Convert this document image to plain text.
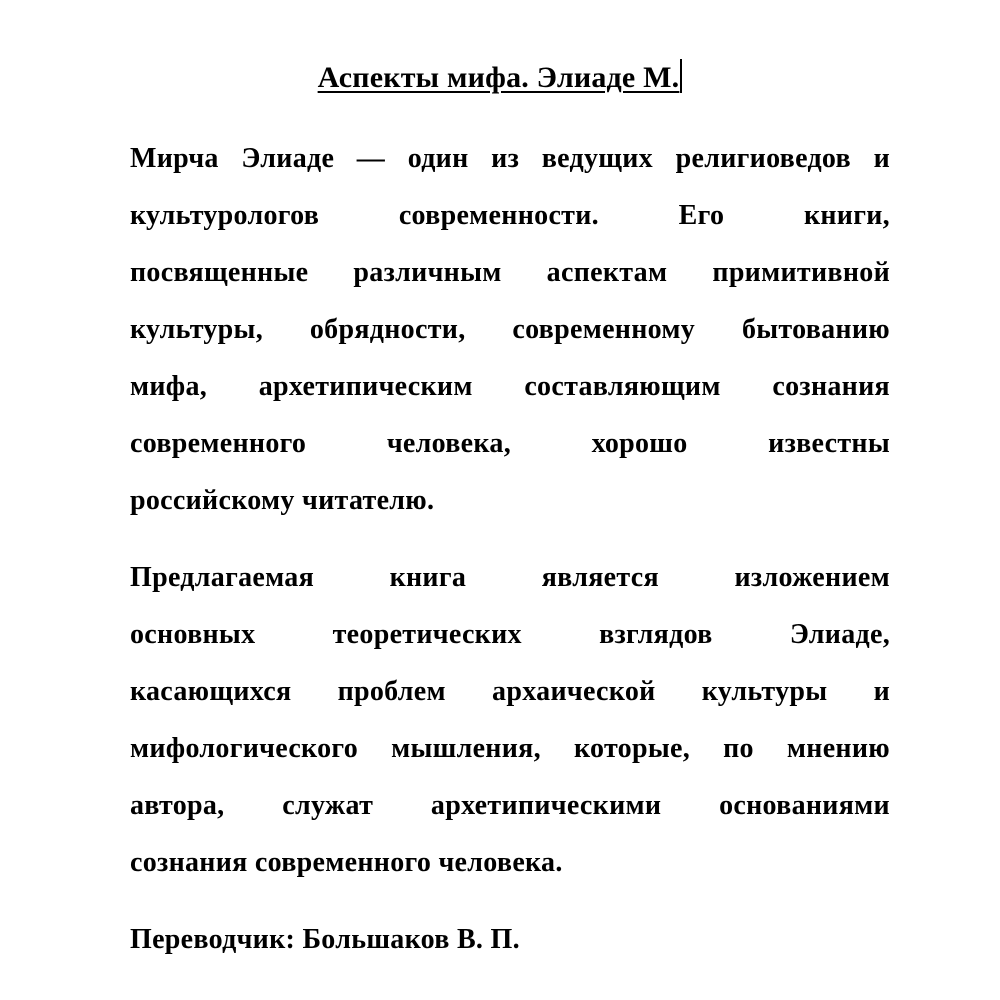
Аспекты мифа. Элиаде М.

Мирча Элиаде — один из ведущих религиоведов и
культурологов современности. Его книги,
посвященные различным аспектам примитивной
культуры, обрядности, современному бытованию
мифа, архетипическим составляющим сознания
современного человека, хорошо известны
российскому читателю.

Предлагаемая книга является изложением
основных теоретических взглядов Элиаде,
касающихся проблем архаической культуры и
мифологического мышления, которые, по мнению
автора, служат архетипическими основаниями
сознания современного человека.

Переводчик: Большаков В. П.
